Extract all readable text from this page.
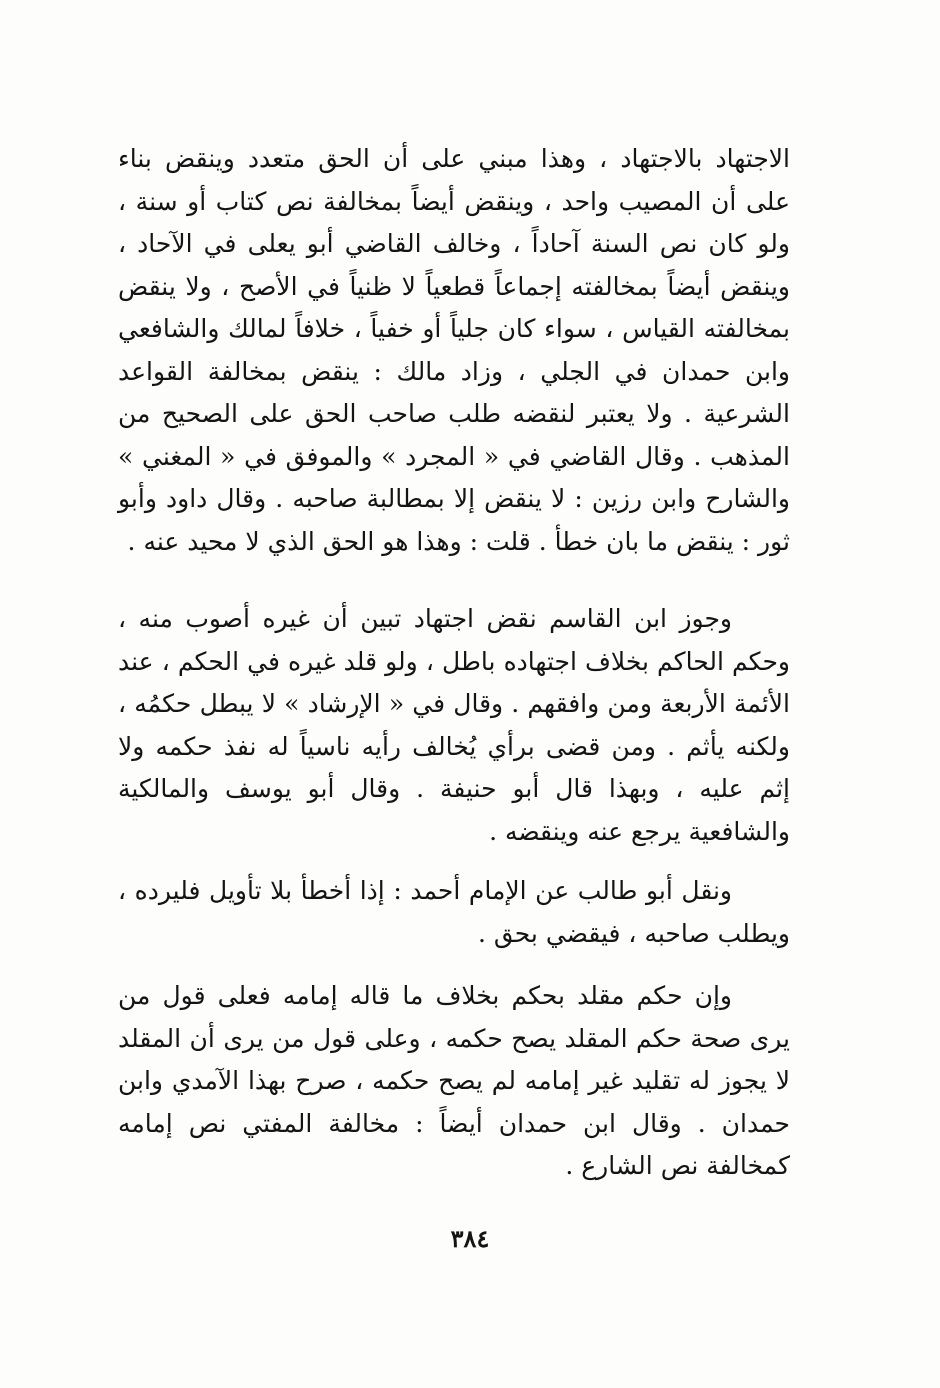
الاجتهاد بالاجتهاد ، وهذا مبني على أن الحق متعدد وينقض بناء على أن المصيب واحد ، وينقض أيضاً بمخالفة نص كتاب أو سنة ، ولو كان نص السنة آحاداً ، وخالف القاضي أبو يعلى في الآحاد ، وينقض أيضاً بمخالفته إجماعاً قطعياً لا ظنياً في الأصح ، ولا ينقض بمخالفته القياس ، سواء كان جلياً أو خفياً ، خلافاً لمالك والشافعي وابن حمدان في الجلي ، وزاد مالك : ينقض بمخالفة القواعد الشرعية . ولا يعتبر لنقضه طلب صاحب الحق على الصحيح من المذهب . وقال القاضي في « المجرد » والموفق في « المغني » والشارح وابن رزين : لا ينقض إلا بمطالبة صاحبه . وقال داود وأبو ثور : ينقض ما بان خطأ . قلت : وهذا هو الحق الذي لا محيد عنه .

وجوز ابن القاسم نقض اجتهاد تبين أن غيره أصوب منه ، وحكم الحاكم بخلاف اجتهاده باطل ، ولو قلد غيره في الحكم ، عند الأئمة الأربعة ومن وافقهم . وقال في « الإرشاد » لا يبطل حكمُه ، ولكنه يأثم . ومن قضى برأي يُخالف رأيه ناسياً له نفذ حكمه ولا إثم عليه ، وبهذا قال أبو حنيفة . وقال أبو يوسف والمالكية والشافعية يرجع عنه وينقضه .

ونقل أبو طالب عن الإمام أحمد : إذا أخطأ بلا تأويل فليرده ، ويطلب صاحبه ، فيقضي بحق .

وإن حكم مقلد بحكم بخلاف ما قاله إمامه فعلى قول من يرى صحة حكم المقلد يصح حكمه ، وعلى قول من يرى أن المقلد لا يجوز له تقليد غير إمامه لم يصح حكمه ، صرح بهذا الآمدي وابن حمدان . وقال ابن حمدان أيضاً : مخالفة المفتي نص إمامه كمخالفة نص الشارع .

٣٨٤
